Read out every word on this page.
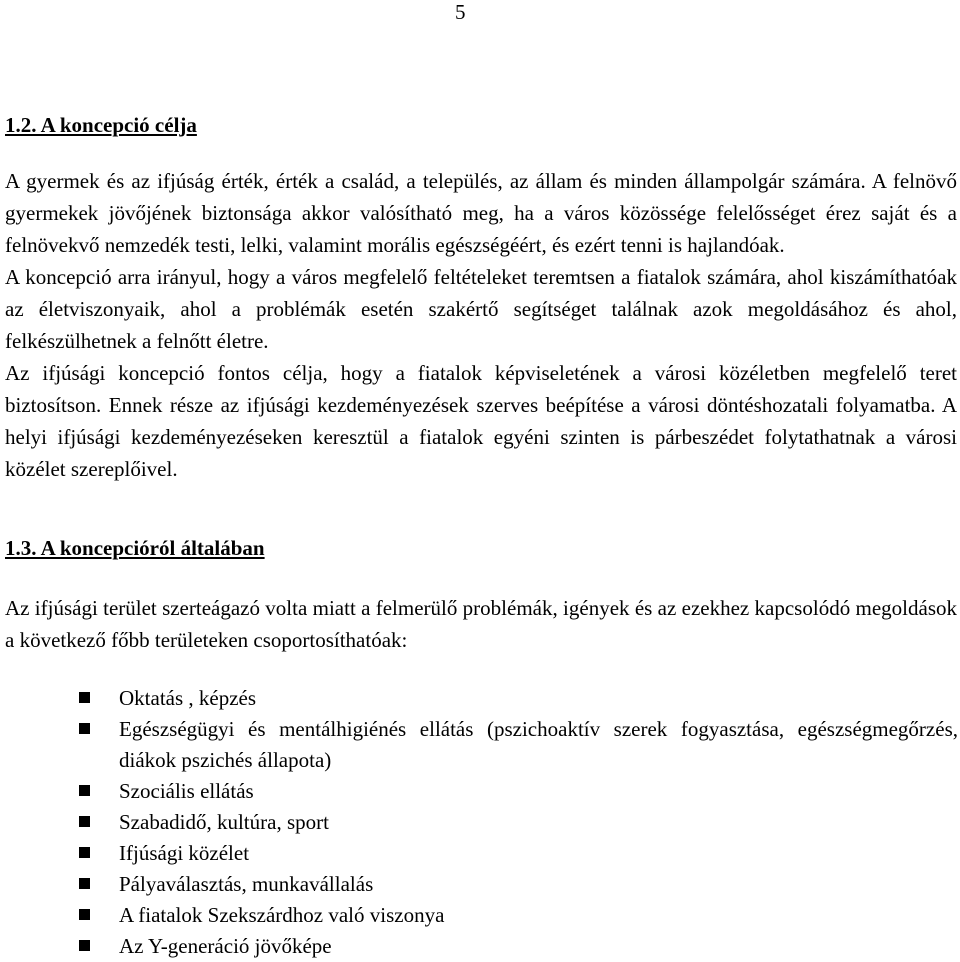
5
1.2. A koncepció célja

A gyermek és az ifjúság érték, érték a család, a település, az állam és minden állampolgár számára. A felnövő gyermekek jövőjének biztonsága akkor valósítható meg, ha a város közössége felelősséget érez saját és a felnövekvő nemzedék testi, lelki, valamint morális egészségéért, és ezért tenni is hajlandóak.

A koncepció arra irányul, hogy a város megfelelő feltételeket teremtsen a fiatalok számára, ahol kiszámíthatóak az életviszonyaik, ahol a problémák esetén szakértő segítséget találnak azok megoldásához és ahol, felkészülhetnek a felnőtt életre.

Az ifjúsági koncepció fontos célja, hogy a fiatalok képviseletének a városi közéletben megfelelő teret biztosítson. Ennek része az ifjúsági kezdeményezések szerves beépítése a városi döntéshozatali folyamatba. A helyi ifjúsági kezdeményezéseken keresztül a fiatalok egyéni szinten is párbeszédet folytathatnak a városi közélet szereplőivel.

1.3. A koncepcióról általában

Az ifjúsági terület szerteágazó volta miatt a felmerülő problémák, igények és az ezekhez kapcsolódó megoldások a következő főbb területeken csoportosíthatóak:

Oktatás , képzés
Egészségügyi és mentálhigiénés ellátás (pszichoaktív szerek fogyasztása, egészségmegőrzés, diákok pszichés állapota)
Szociális ellátás
Szabadidő, kultúra, sport
Ifjúsági közélet
Pályaválasztás, munkavállalás
A fiatalok Szekszárdhoz való viszonya
Az Y-generáció jövőképe
